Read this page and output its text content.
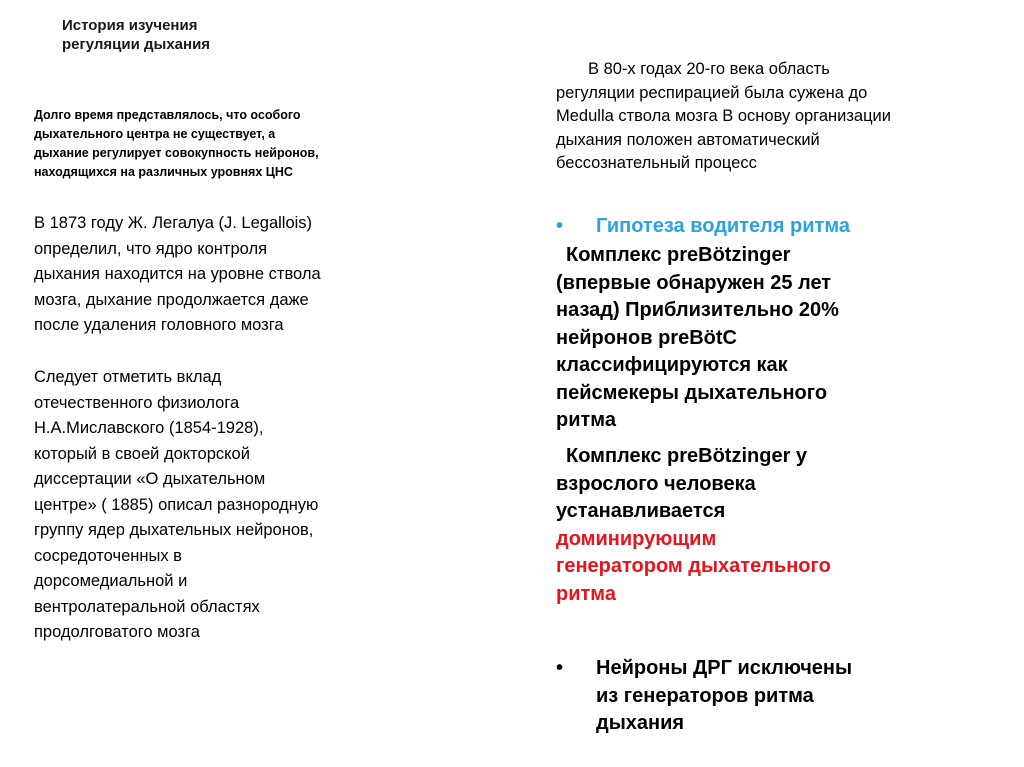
История изучения
регуляции дыхания
Долго время представлялось, что особого
дыхательного центра не существует, а
дыхание регулирует совокупность нейронов,
находящихся на различных уровнях ЦНС
В 1873 году Ж. Легалуа (J. Legallois)
определил, что ядро контроля
дыхания находится на уровне ствола
мозга, дыхание продолжается даже
после удаления головного мозга
Следует отметить вклад
отечественного физиолога
Н.А.Миславского (1854-1928),
который в своей докторской
диссертации «О дыхательном
центре» ( 1885) описал разнородную
группу ядер дыхательных нейронов,
сосредоточенных в
дорсомедиальной и
вентролатеральной областях
продолговатого мозга
В 80-х годах 20-го века область
регуляции респирацией была сужена до
Medulla ствола мозга В основу организации
дыхания положен автоматический
бессознательный процесс
• Гипотеза водителя ритма
Комплекс preBötzinger
(впервые обнаружен 25 лет
назад) Приблизительно 20%
нейронов preBötC
классифицируются как
пейсмекеры дыхательного
ритма
Комплекс preBötzinger у
взрослого человека
устанавливается
доминирующим
генератором дыхательного
ритма
• Нейроны ДРГ исключены
из генераторов ритма
дыхания
